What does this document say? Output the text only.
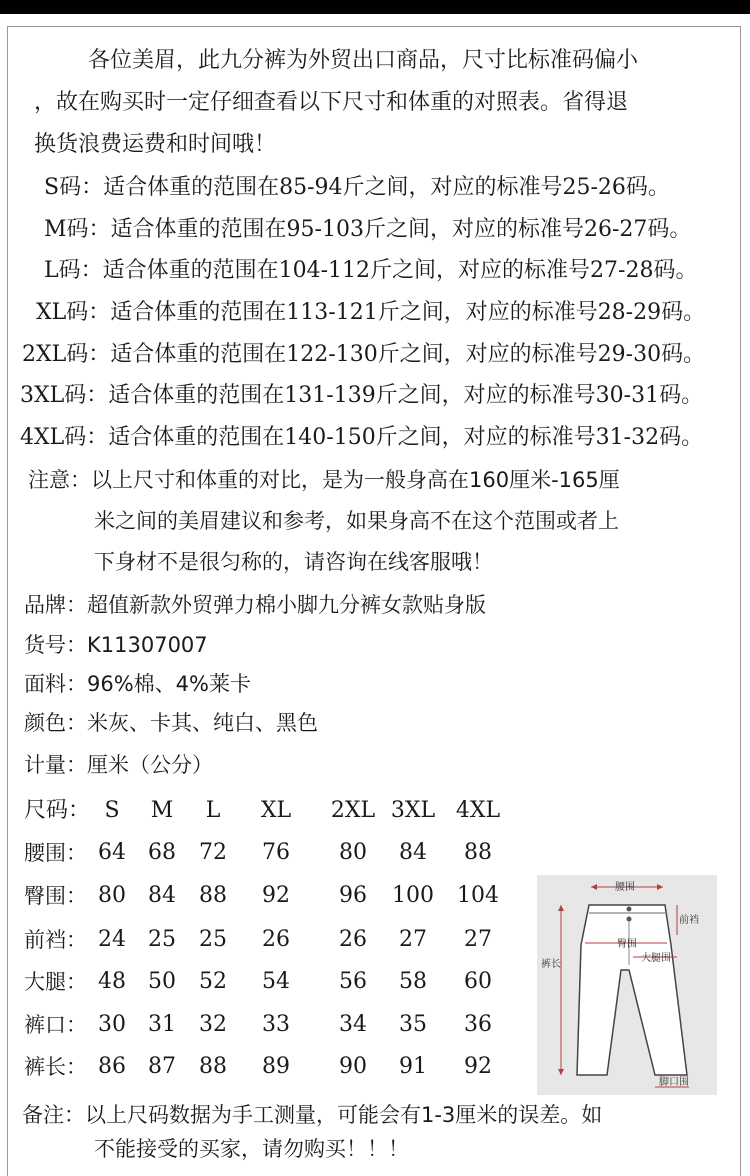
各位美眉，此九分裤为外贸出口商品，尺寸比标准码偏小
，故在购买时一定仔细查看以下尺寸和体重的对照表。省得退
换货浪费运费和时间哦！
S码：适合体重的范围在85-94斤之间，对应的标准号25-26码。
M码：适合体重的范围在95-103斤之间，对应的标准号26-27码。
L码：适合体重的范围在104-112斤之间，对应的标准号27-28码。
XL码：适合体重的范围在113-121斤之间，对应的标准号28-29码。
2XL码：适合体重的范围在122-130斤之间，对应的标准号29-30码。
3XL码：适合体重的范围在131-139斤之间，对应的标准号30-31码。
4XL码：适合体重的范围在140-150斤之间，对应的标准号31-32码。
注意：以上尺寸和体重的对比，是为一般身高在160厘米-165厘
米之间的美眉建议和参考，如果身高不在这个范围或者上
下身材不是很匀称的，请咨询在线客服哦！
品牌：超值新款外贸弹力棉小脚九分裤女款贴身版
货号：K11307007
面料：96%棉、4%莱卡
颜色：米灰、卡其、纯白、黑色
计量：厘米（公分）
尺码： S	M	L	XL	2XL 3XL 4XL
腰围： 64	68	72	76	80	84	88
臀围： 80	84	88	92	96	100	104
前裆： 24	25	25	26	26	27	27
大腿： 48	50	52	54	56	58	60
裤口： 30	31	32	33	34	35	36
裤长： 86	87	88	89	90	91	92
腰围
前裆
臀围
大腿围
裤长
脚口围
备注：以上尺码数据为手工测量，可能会有1-3厘米的误差。如
不能接受的买家，请勿购买！！！
